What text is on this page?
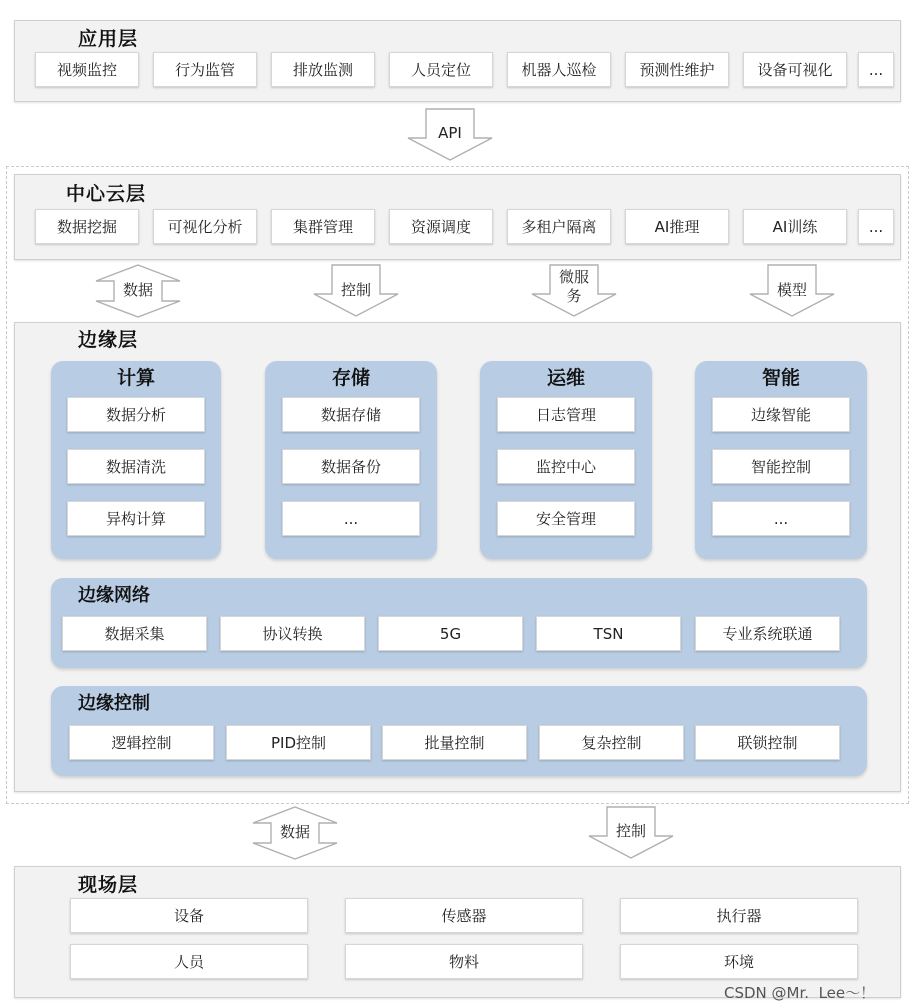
应用层
视频监控	行为监管	排放监测	人员定位	机器人巡检	预测性维护	设备可视化	...
API
中心云层
数据挖掘	可视化分析	集群管理	资源调度	多租户隔离	AI推理	AI训练	...
数据	控制
微服
务	模型
边缘层
计算
数据分析
数据清洗
异构计算
存储
数据存储
数据备份
...
运维
日志管理
监控中心
安全管理
智能
边缘智能
智能控制
...
边缘网络
数据采集	协议转换	5G	TSN	专业系统联通
边缘控制
逻辑控制	PID控制	批量控制	复杂控制	联锁控制
数据	控制
现场层
设备	传感器	执行器
人员	物料	环境
CSDN @Mr.  Lee～！
